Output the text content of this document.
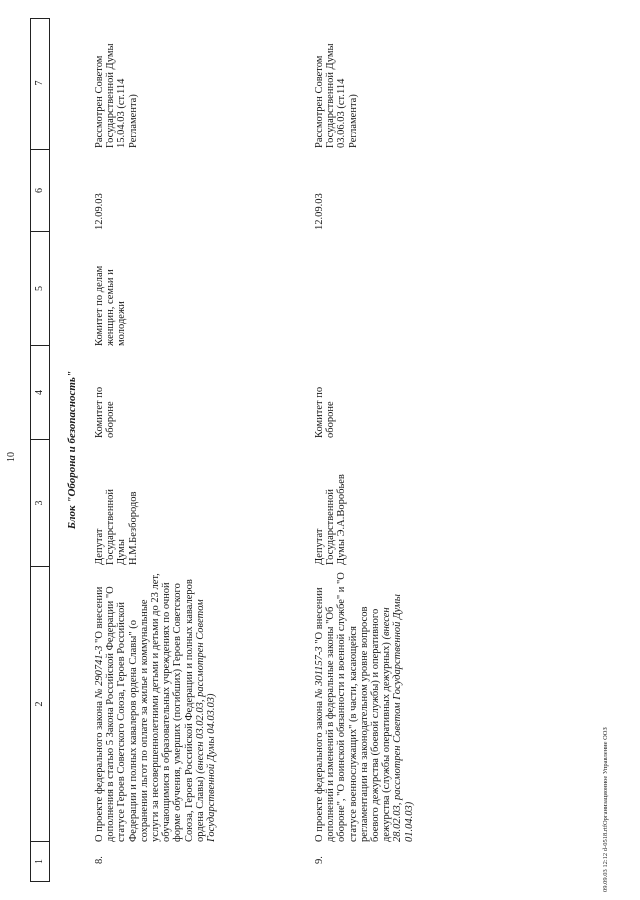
10
1
2
3
4
5
6
7
Блок "Оборона и безопасность"
8.
О проекте федерального закона № 290741-3 "О внесении дополнения в статью 5 Закона Российской Федерации "О статусе Героев Советского Союза, Героев Российской Федерации и полных кавалеров ордена Славы" (о сохранении льгот по оплате за жилье и коммунальные услуги за несовершеннолетними детьми и детьми до 23 лет, обучающимися в образовательных учреждениях по очной форме обучения, умерших (погибших) Героев Советского Союза, Героев Российской Федерации и полных кавалеров ордена Славы) (внесен 03.02.03, рассмотрен Советом Государственной Думы 04.03.03)
Депутат Государственной Думы Н.М.Безбородов
Комитет по обороне
Комитет по делам женщин, семьи и молодежи
12.09.03
Рассмотрен Советом Государственной Думы 15.04.03 (ст.114 Регламента)
9.
О проекте федерального закона № 301157-3 "О внесении дополнений и изменений в федеральные законы "Об обороне", "О воинской обязанности и военной службе" и "О статусе военнослужащих" (в части, касающейся регламентации на законодательном уровне вопросов боевого дежурства (боевой службы) и оперативного дежурства (службы оперативных дежурных) (внесен 28.02.03, рассмотрен Советом Государственной Думы 01.04.03)
Депутат Государственной Думы Э.А.Воробьев
Комитет по обороне
12.09.03
Рассмотрен Советом Государственной Думы 03.06.03 (ст.114 Регламента)
09.09.03 12:12 d-0518.rtfОрганизационное Управление ООЗ
